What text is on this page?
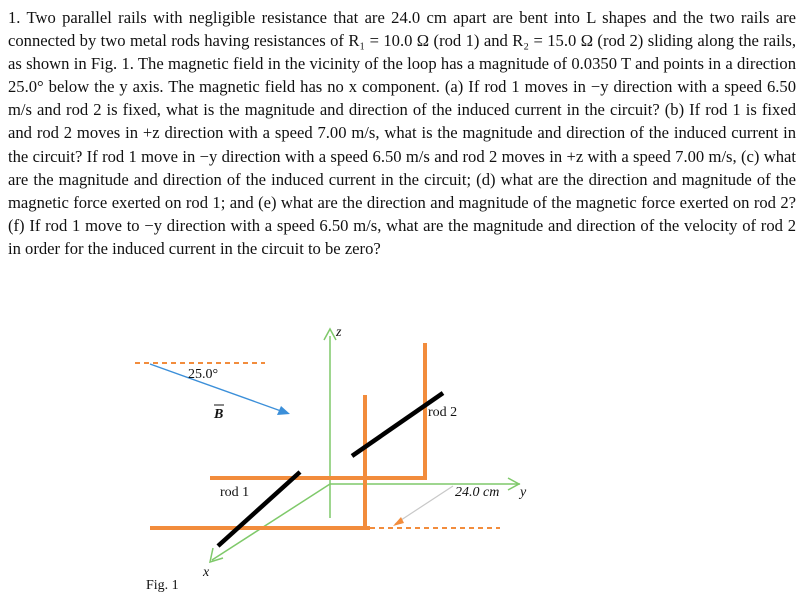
1. Two parallel rails with negligible resistance that are 24.0 cm apart are bent into L shapes and the two rails are connected by two metal rods having resistances of R₁ = 10.0 Ω (rod 1) and R₂ = 15.0 Ω (rod 2) sliding along the rails, as shown in Fig. 1. The magnetic field in the vicinity of the loop has a magnitude of 0.0350 T and points in a direction 25.0° below the y axis. The magnetic field has no x component. (a) If rod 1 moves in −y direction with a speed 6.50 m/s and rod 2 is fixed, what is the magnitude and direction of the induced current in the circuit? (b) If rod 1 is fixed and rod 2 moves in +z direction with a speed 7.00 m/s, what is the magnitude and direction of the induced current in the circuit? If rod 1 move in −y direction with a speed 6.50 m/s and rod 2 moves in +z with a speed 7.00 m/s, (c) what are the magnitude and direction of the induced current in the circuit; (d) what are the direction and magnitude of the magnetic force exerted on rod 1; and (e) what are the direction and magnitude of the magnetic force exerted on rod 2? (f) If rod 1 move to −y direction with a speed 6.50 m/s, what are the magnitude and direction of the velocity of rod 2 in order for the induced current in the circuit to be zero?

25.0°
B
z
rod 2
rod 1	24.0 cm y
x
Fig. 1
